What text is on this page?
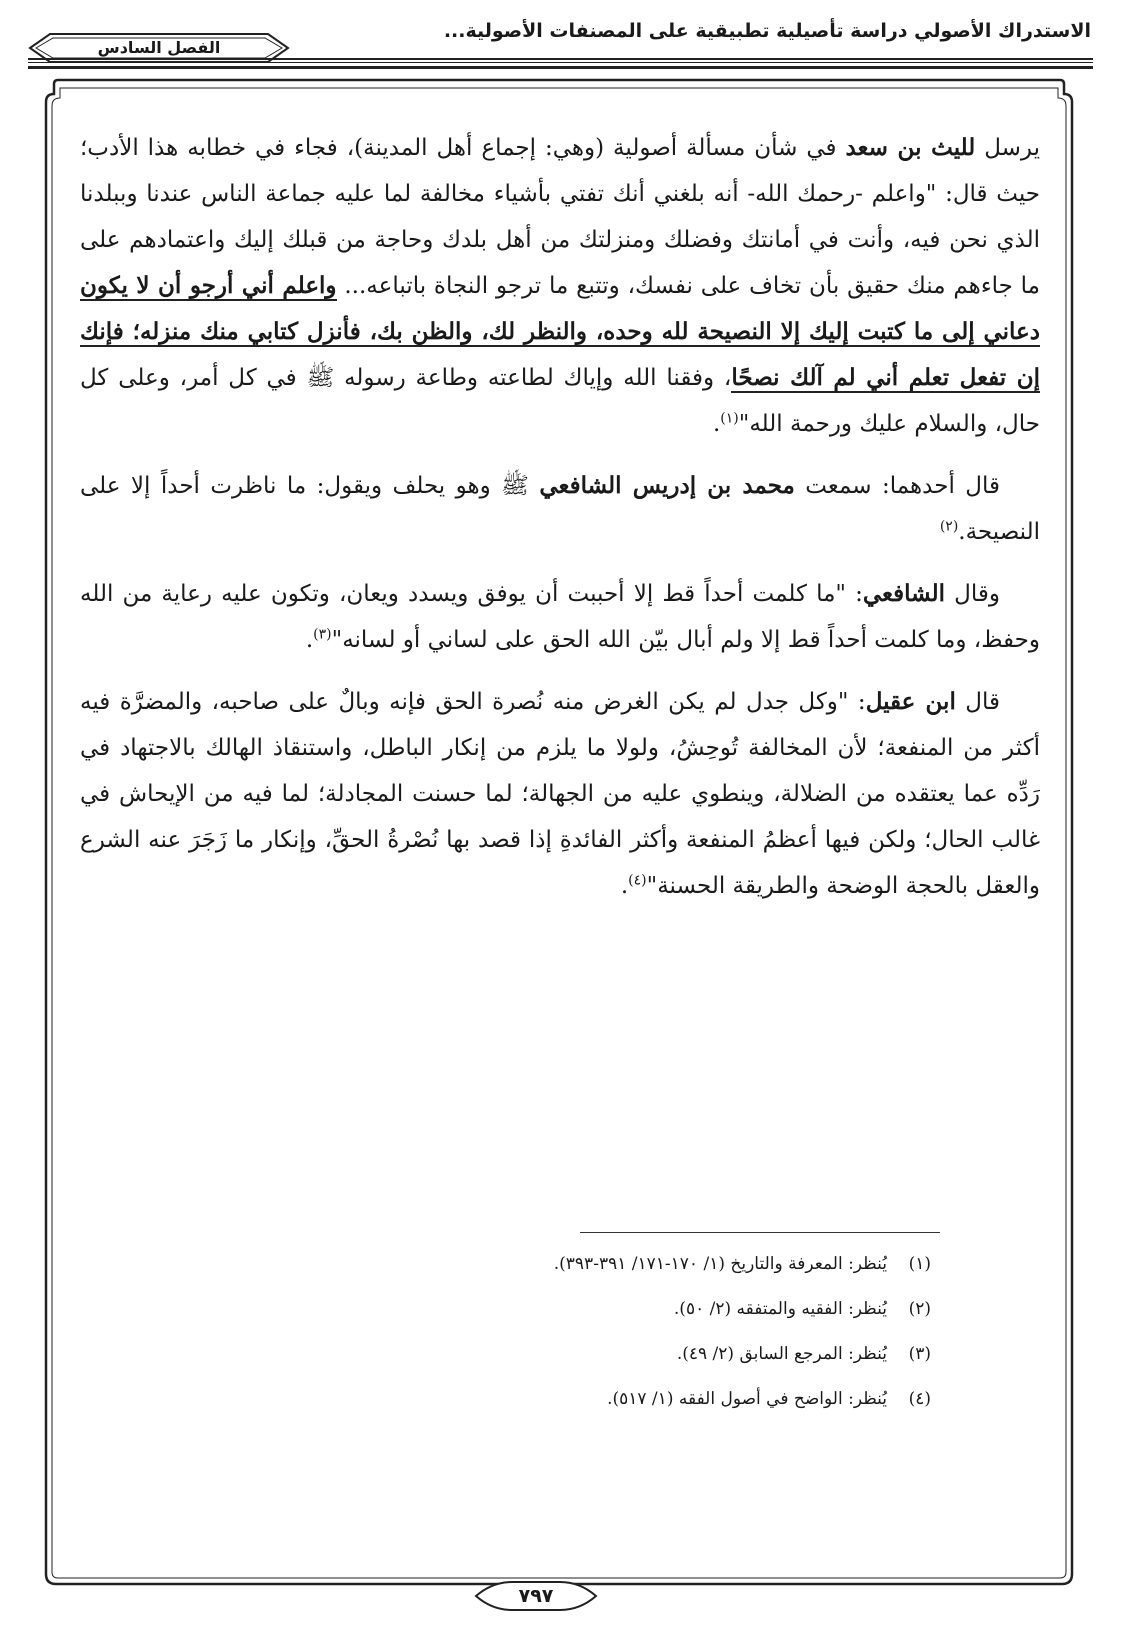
الاستدراك الأصولي دراسة تأصيلية تطبيقية على المصنفات الأصولية...
الفصل السادس

يرسل لليث بن سعد في شأن مسألة أصولية (وهي: إجماع أهل المدينة)، فجاء في خطابه هذا الأدب؛ حيث قال: "واعلم -رحمك الله- أنه بلغني أنك تفتي بأشياء مخالفة لما عليه جماعة الناس عندنا وببلدنا الذي نحن فيه، وأنت في أمانتك وفضلك ومنزلتك من أهل بلدك وحاجة من قبلك إليك واعتمادهم على ما جاءهم منك حقيق بأن تخاف على نفسك، وتتبع ما ترجو النجاة باتباعه... واعلم أني أرجو أن لا يكون دعاني إلى ما كتبت إليك إلا النصيحة لله وحده، والنظر لك، والظن بك، فأنزل كتابي منك منزله؛ فإنك إن تفعل تعلم أني لم آلك نصحًا، وفقنا الله وإياك لطاعته وطاعة رسوله ﷺ في كل أمر، وعلى كل حال، والسلام عليك ورحمة الله"$^{(١)}$.

قال أحدهما: سمعت محمد بن إدريس الشافعي ﷺ وهو يحلف ويقول: ما ناظرت أحداً إلا على النصيحة.$^{(٢)}$

وقال الشافعي: "ما كلمت أحداً قط إلا أحببت أن يوفق ويسدد ويعان، وتكون عليه رعاية من الله وحفظ، وما كلمت أحداً قط إلا ولم أبال بيّن الله الحق على لساني أو لسانه"$^{(٣)}$.

قال ابن عقيل: "وكل جدل لم يكن الغرض منه نُصرة الحق فإنه وبالٌ على صاحبه، والمضرَّة فيه أكثر من المنفعة؛ لأن المخالفة تُوحِشُ، ولولا ما يلزم من إنكار الباطل، واستنقاذ الهالك بالاجتهاد في رَدِّه عما يعتقده من الضلالة، وينطوي عليه من الجهالة؛ لما حسنت المجادلة؛ لما فيه من الإيحاش في غالب الحال؛ ولكن فيها أعظمُ المنفعة وأكثر الفائدةِ إذا قصد بها نُصْرةُ الحقِّ، وإنكار ما زَجَرَ عنه الشرع والعقل بالحجة الوضحة والطريقة الحسنة"$^{(٤)}$.

(١)يُنظر: المعرفة والتاريخ (١/ ١٧٠-١٧١/ ٣٩١-٣٩٣).
(٢)يُنظر: الفقيه والمتفقه (٢/ ٥٠).
(٣)يُنظر: المرجع السابق (٢/ ٤٩).
(٤)يُنظر: الواضح في أصول الفقه (١/ ٥١٧).
٧٩٧
